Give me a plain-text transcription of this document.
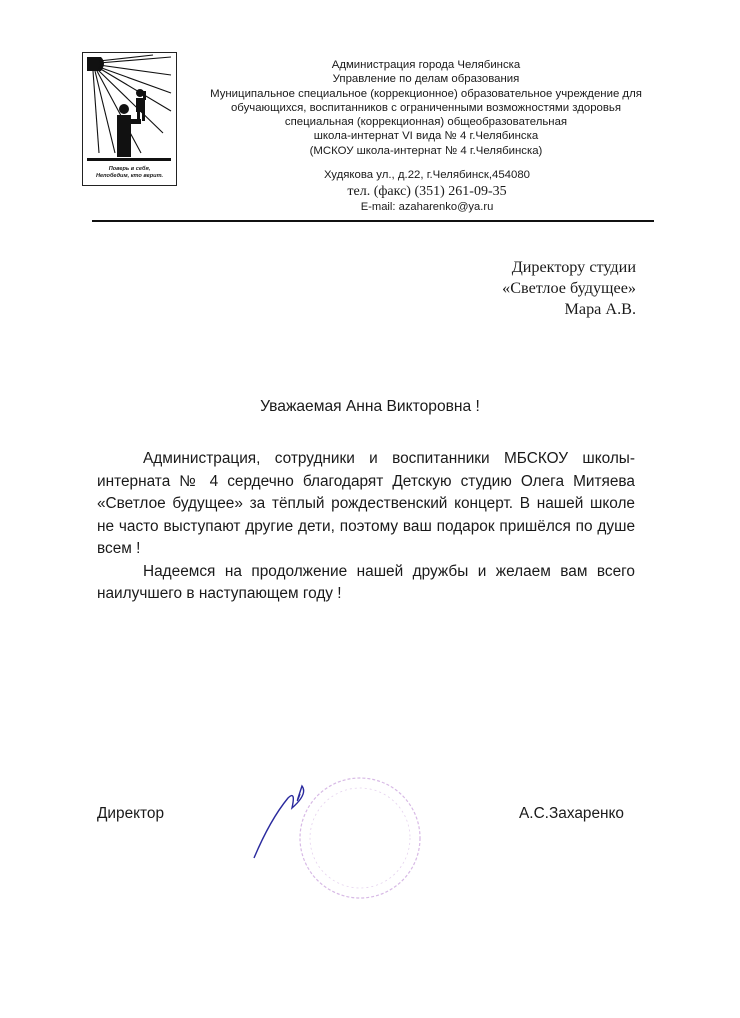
Поверь в себя,
Непобедим, кто верит.
Администрация города Челябинска
Управление по делам образования
Муниципальное специальное (коррекционное) образовательное учреждение для
обучающихся, воспитанников с ограниченными возможностями здоровья
специальная (коррекционная) общеобразовательная
школа-интернат VI вида № 4 г.Челябинска
(МСКОУ школа-интернат № 4 г.Челябинска)
Худякова ул., д.22, г.Челябинск,454080
тел. (факс) (351) 261-09-35
E-mail: azaharenko@ya.ru
Директору студии
«Светлое будущее»
Мара А.В.
Уважаемая Анна Викторовна !

Администрация, сотрудники и воспитанники МБСКОУ школы-интерната № 4 сердечно благодарят Детскую студию Олега Митяева «Светлое будущее» за тёплый рождественский концерт. В нашей школе не часто выступают другие дети, поэтому ваш подарок пришёлся по душе всем !

Надеемся на продолжение нашей дружбы и желаем вам всего наилучшего в наступающем году !

Директор	А.С.Захаренко
